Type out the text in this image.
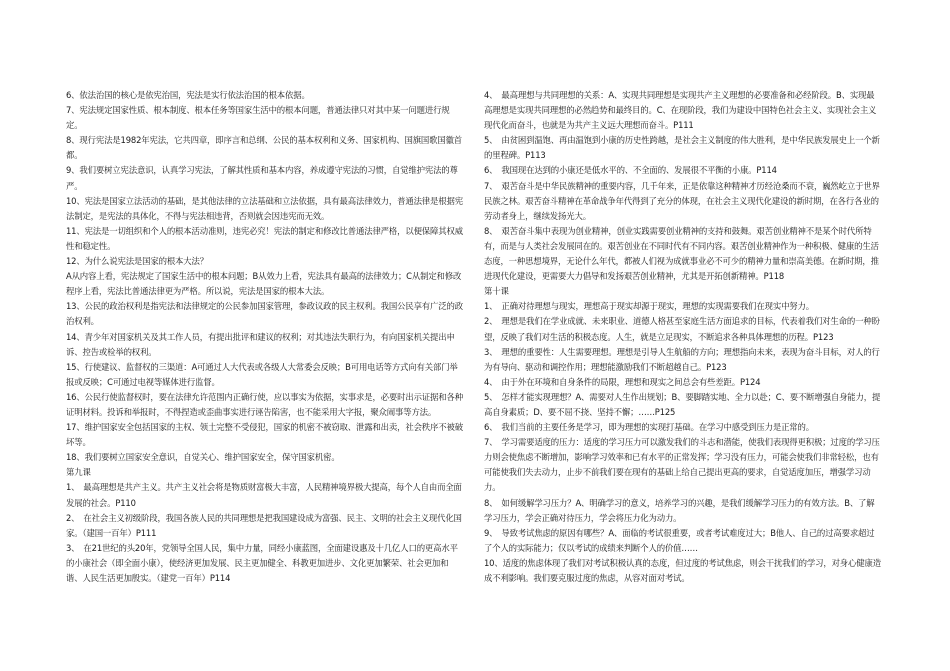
6、依法治国的核心是依宪治国，宪法是实行依法治国的根本依据。

7、宪法规定国家性质、根本制度、根本任务等国家生活中的根本问题，普通法律只对其中某一问题进行规定。

8、现行宪法是1982年宪法，它共四章，即序言和总纲、公民的基本权利和义务、国家机构、国旗国歌国徽首都。

9、我们要树立宪法意识，认真学习宪法，了解其性质和基本内容，养成遵守宪法的习惯，自觉维护宪法的尊严。

10、宪法是国家立法活动的基础，是其他法律的立法基础和立法依据，具有最高法律效力，普通法律是根据宪法制定，是宪法的具体化，不得与宪法相违背，否则就会因违宪而无效。

11、宪法是一切组织和个人的根本活动准则，违宪必究！宪法的制定和修改比普通法律严格，以便保障其权威性和稳定性。

12、为什么说宪法是国家的根本大法？

A从内容上看，宪法规定了国家生活中的根本问题；B从效力上看，宪法具有最高的法律效力；C从制定和修改程序上看，宪法比普通法律更为严格。所以说，宪法是国家的根本大法。

13、公民的政治权利是指宪法和法律规定的公民参加国家管理，参政议政的民主权利。我国公民享有广泛的政治权利。

14、青少年对国家机关及其工作人员，有提出批评和建议的权利；对其违法失职行为，有向国家机关提出申诉、控告或检举的权利。

15、行使建议、监督权的三渠道：A可通过人大代表或各级人大常委会反映；B可用电话等方式向有关部门举报或反映；C可通过电视等媒体进行监督。

16、公民行使监督权时，要在法律允许范围内正确行使，应以事实为依据，实事求是，必要时出示证据和各种证明材料。投诉和举报时，不得捏造或歪曲事实进行诬告陷害，也不能采用大字报，聚众闹事等方法。

17、维护国家安全包括国家的主权、领土完整不受侵犯，国家的机密不被窃取、泄露和出卖，社会秩序不被破坏等。

18、我们要树立国家安全意识，自觉关心、维护国家安全，保守国家机密。

第九课

1、　最高理想是共产主义。共产主义社会将是物质财富极大丰富，人民精神境界极大提高，每个人自由而全面发展的社会。P110

2、　在社会主义初级阶段，我国各族人民的共同理想是把我国建设成为富强、民主、文明的社会主义现代化国家。（建国一百年）P111

3、　在21世纪的头20年，党领导全国人民，集中力量，同经小康蓝图，全面建设惠及十几亿人口的更高水平的小康社会（即全面小康），使经济更加发展、民主更加健全、科教更加进步、文化更加繁荣、社会更加和谐、人民生活更加殷实。（建党一百年）P114

4、　最高理想与共同理想的关系：A、实现共同理想是实现共产主义理想的必要准备和必经阶段。B、实现最高理想是实现共同理想的必然趋势和最终目的。C、在现阶段，我们为建设中国特色社会主义、实现社会主义现代化而奋斗，也就是为共产主义远大理想而奋斗。P111

5、　由贫困到温饱、再由温饱到小康的历史性跨越，是社会主义制度的伟大胜利，是中华民族发展史上一个新的里程碑。P113

6、　我国现在达到的小康还是低水平的、不全面的、发展很不平衡的小康。P114

7、　艰苦奋斗是中华民族精神的重要内容，几千年来，正是依靠这种精神才历经沧桑而不衰，巍然屹立于世界民族之林。艰苦奋斗精神在革命战争年代得到了充分的体现，在社会主义现代化建设的新时期，在各行各业的劳动者身上，继续发扬光大。

8、　艰苦奋斗集中表现为创业精神，创业实践需要创业精神的支持和鼓舞。艰苦创业精神不是某个时代所特有，而是与人类社会发展同在的。艰苦创业在不同时代有不同内容。艰苦创业精神作为一种积极、健康的生活态度，一种思想境界，无论什么年代，都被人们视为成就事业必不可少的精神力量和崇高美德。在新时期，推进现代化建设，更需要大力倡导和发扬艰苦创业精神，尤其是开拓创新精神。P118

第十课

1、　正确对待理想与现实，理想高于现实却源于现实，理想的实现需要我们在现实中努力。

2、　理想是我们在学业成就、未来职业、道德人格甚至家庭生活方面追求的目标，代表着我们对生命的一种盼望，反映了我们对生活的积极态度。人生，就是立足现实，不断追求各种具体理想的历程。P123

3、　理想的重要性：人生需要理想。理想是引导人生航船的方向；理想指向未来，表现为奋斗目标，对人的行为有导向、驱动和调控作用；理想能激励我们不断超越自己。P123

4、　由于外在环境和自身条件的局限，理想和现实之间总会有些差距。P124

5、　怎样才能实现理想？A、需要对人生作出规划；B、要脚踏实地、全力以赴；C、要不断增强自身能力，提高自身素质；D、要不屈不挠、坚持不懈；……P125

6、　我们当前的主要任务是学习，即为理想的实现打基础。在学习中感受到压力是正常的。

7、　学习需要适度的压力：适度的学习压力可以激发我们的斗志和潜能，使我们表现得更积极；过度的学习压力则会使焦虑不断增加，影响学习效率和已有水平的正常发挥；学习没有压力，可能会使我们非常轻松，也有可能使我们失去动力，止步不前我们要在现有的基础上给自己提出更高的要求，自觉适度加压，增强学习动力。

8、　如何缓解学习压力？A、明确学习的意义，培养学习的兴趣，是我们缓解学习压力的有效方法。B、了解学习压力，学会正确对待压力，学会将压力化为动力。

9、　导致考试焦虑的原因有哪些？A、面临的考试很重要，或者考试难度过大；B他人、自己的过高要求超过了个人的实际能力；仅以考试的成绩来判断个人的价值……

10、适度的焦虑体现了我们对考试积极认真的态度，但过度的考试焦虑，则会干扰我们的学习，对身心健康造成不利影响。我们要克服过度的焦虑，从容对面对考试。
